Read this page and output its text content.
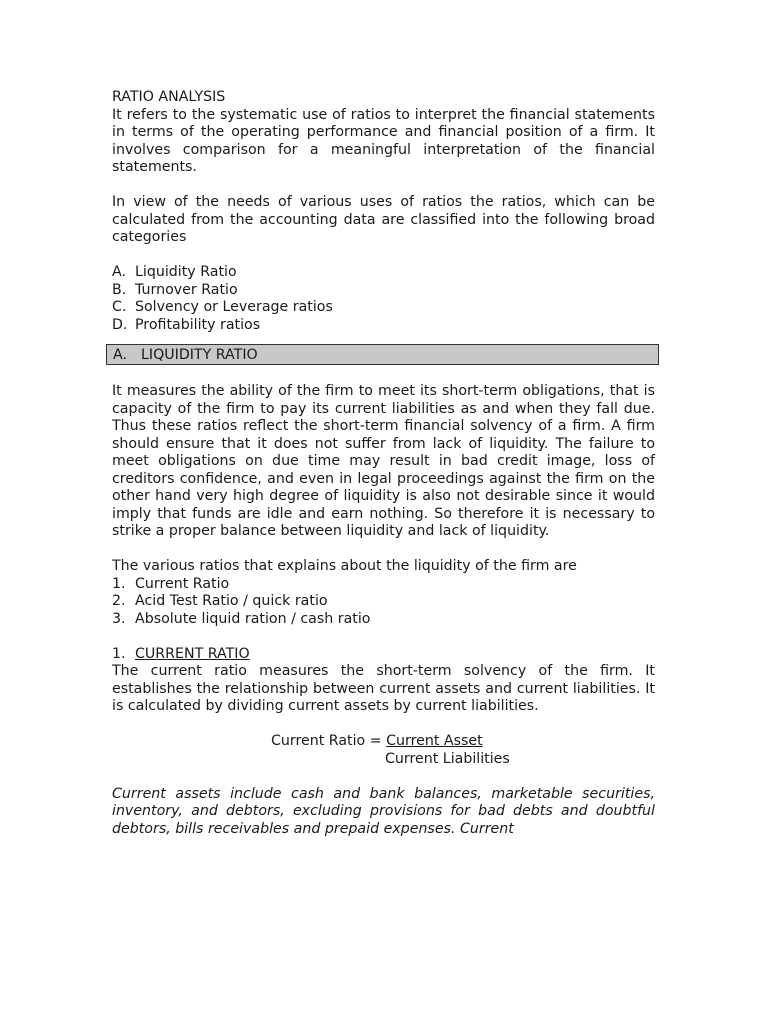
RATIO ANALYSIS

It refers to the systematic use of ratios to interpret the financial statements in terms of the operating performance and financial position of a firm. It involves comparison for a meaningful interpretation of the financial statements.

In view of the needs of various uses of ratios the ratios, which can be calculated from the accounting data are classified into the following broad categories

A. Liquidity Ratio
B. Turnover Ratio
C. Solvency or Leverage ratios
D. Profitability ratios
A. LIQUIDITY RATIO

It measures the ability of the firm to meet its short-term obligations, that is capacity of the firm to pay its current liabilities as and when they fall due. Thus these ratios reflect the short-term financial solvency of a firm. A firm should ensure that it does not suffer from lack of liquidity. The failure to meet obligations on due time may result in bad credit image, loss of creditors confidence, and even in legal proceedings against the firm on the other hand very high degree of liquidity is also not desirable since it would imply that funds are idle and earn nothing. So therefore it is necessary to strike a proper balance between liquidity and lack of liquidity.

The various ratios that explains about the liquidity of the firm are
1. Current Ratio
2. Acid Test Ratio / quick ratio
3. Absolute liquid ration / cash ratio
1. CURRENT RATIO

The current ratio measures the short-term solvency of the firm. It establishes the relationship between current assets and current liabilities. It is calculated by dividing current assets by current liabilities.

Current Ratio = Current Asset
Current Liabilities

Current assets include cash and bank balances, marketable securities, inventory, and debtors, excluding provisions for bad debts and doubtful debtors, bills receivables and prepaid expenses. Current
